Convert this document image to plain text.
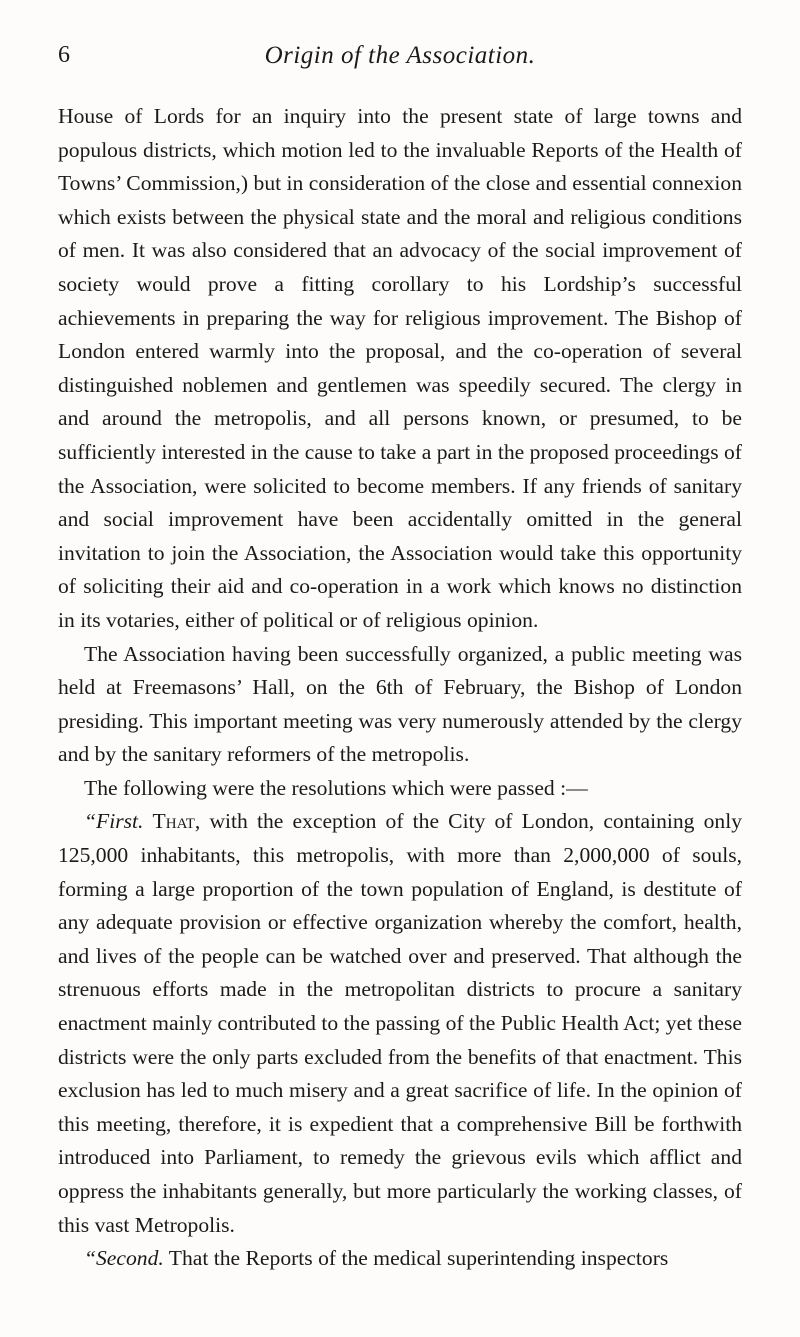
6	Origin of the Association.

House of Lords for an inquiry into the present state of large towns and populous districts, which motion led to the invaluable Reports of the Health of Towns’ Commission,) but in consideration of the close and essential connexion which exists between the physical state and the moral and religious conditions of men. It was also considered that an advocacy of the social improvement of society would prove a fitting corollary to his Lordship’s successful achievements in preparing the way for religious improvement. The Bishop of London entered warmly into the proposal, and the co-operation of several distinguished noblemen and gentlemen was speedily secured. The clergy in and around the metropolis, and all persons known, or presumed, to be sufficiently interested in the cause to take a part in the proposed proceedings of the Association, were solicited to become members. If any friends of sanitary and social improvement have been accidentally omitted in the general invitation to join the Association, the Association would take this opportunity of soliciting their aid and co-operation in a work which knows no distinction in its votaries, either of political or of religious opinion.

The Association having been successfully organized, a public meeting was held at Freemasons’ Hall, on the 6th of February, the Bishop of London presiding. This important meeting was very numerously attended by the clergy and by the sanitary reformers of the metropolis.

The following were the resolutions which were passed :—

“First. That, with the exception of the City of London, containing only 125,000 inhabitants, this metropolis, with more than 2,000,000 of souls, forming a large proportion of the town population of England, is destitute of any adequate provision or effective organization whereby the comfort, health, and lives of the people can be watched over and preserved. That although the strenuous efforts made in the metropolitan districts to procure a sanitary enactment mainly contributed to the passing of the Public Health Act; yet these districts were the only parts excluded from the benefits of that enactment. This exclusion has led to much misery and a great sacrifice of life. In the opinion of this meeting, therefore, it is expedient that a comprehensive Bill be forthwith introduced into Parliament, to remedy the grievous evils which afflict and oppress the inhabitants generally, but more particularly the working classes, of this vast Metropolis.

“Second. That the Reports of the medical superintending inspectors
